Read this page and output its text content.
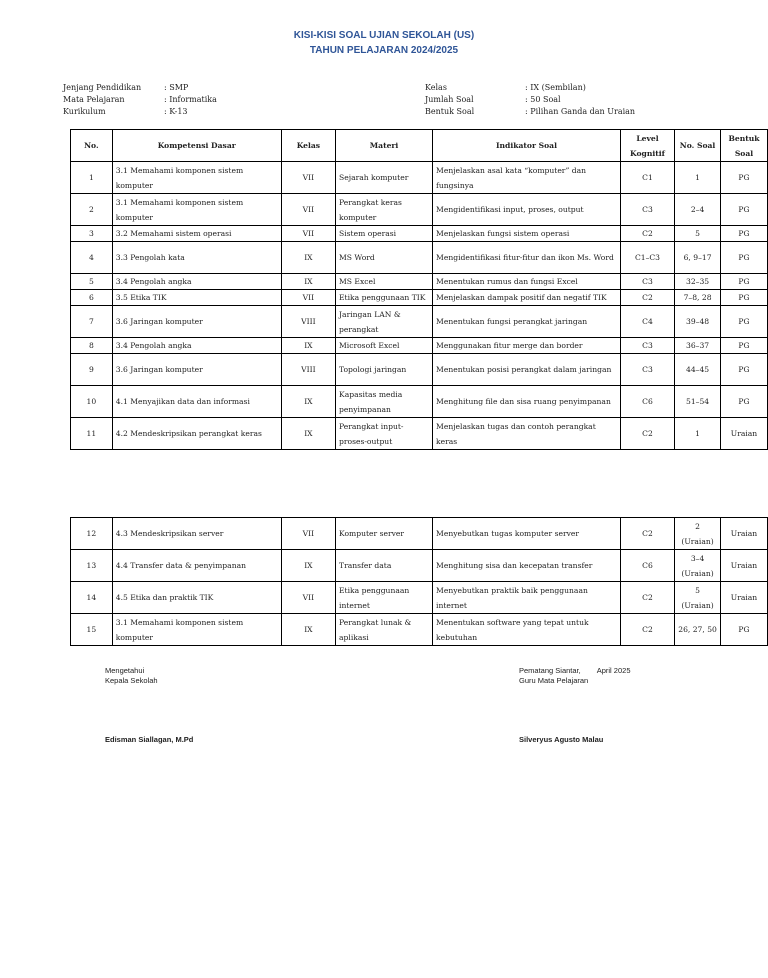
KISI-KISI SOAL UJIAN SEKOLAH (US)
TAHUN PELAJARAN 2024/2025
Jenjang Pendidikan	: SMP
Mata Pelajaran	: Informatika
Kurikulum	: K-13
Kelas	: IX (Sembilan)
Jumlah Soal	: 50 Soal
Bentuk Soal	: Pilihan Ganda dan Uraian
No.	Kompetensi Dasar	Kelas	Materi	Indikator Soal	Level Kognitif	No. Soal	Bentuk Soal
1	3.1 Memahami komponen sistem komputer	VII	Sejarah komputer	Menjelaskan asal kata “komputer” dan fungsinya	C1	1	PG
2	3.1 Memahami komponen sistem komputer	VII	Perangkat keras komputer	Mengidentifikasi input, proses, output	C3	2–4	PG
3	3.2 Memahami sistem operasi	VII	Sistem operasi	Menjelaskan fungsi sistem operasi	C2	5	PG
4	3.3 Pengolah kata	IX	MS Word	Mengidentifikasi fitur-fitur dan ikon Ms. Word	C1–C3	6, 9–17	PG
5	3.4 Pengolah angka	IX	MS Excel	Menentukan rumus dan fungsi Excel	C3	32–35	PG
6	3.5 Etika TIK	VII	Etika penggunaan TIK	Menjelaskan dampak positif dan negatif TIK	C2	7–8, 28	PG
7	3.6 Jaringan komputer	VIII	Jaringan LAN & perangkat	Menentukan fungsi perangkat jaringan	C4	39–48	PG
8	3.4 Pengolah angka	IX	Microsoft Excel	Menggunakan fitur merge dan border	C3	36–37	PG
9	3.6 Jaringan komputer	VIII	Topologi jaringan	Menentukan posisi perangkat dalam jaringan	C3	44–45	PG
10	4.1 Menyajikan data dan informasi	IX	Kapasitas media penyimpanan	Menghitung file dan sisa ruang penyimpanan	C6	51–54	PG
11	4.2 Mendeskripsikan perangkat keras	IX	Perangkat input-proses-output	Menjelaskan tugas dan contoh perangkat keras	C2	1	Uraian
12	4.3 Mendeskripsikan server	VII	Komputer server	Menyebutkan tugas komputer server	C2	2 (Uraian)	Uraian
13	4.4 Transfer data & penyimpanan	IX	Transfer data	Menghitung sisa dan kecepatan transfer	C6	3–4 (Uraian)	Uraian
14	4.5 Etika dan praktik TIK	VII	Etika penggunaan internet	Menyebutkan praktik baik penggunaan internet	C2	5 (Uraian)	Uraian
15	3.1 Memahami komponen sistem komputer	IX	Perangkat lunak & aplikasi	Menentukan software yang tepat untuk kebutuhan	C2	26, 27, 50	PG
Mengetahui
Kepala Sekolah
Edisman Siallagan, M.Pd
Pematang Siantar, April 2025
Guru Mata Pelajaran
Silveryus Agusto Malau
